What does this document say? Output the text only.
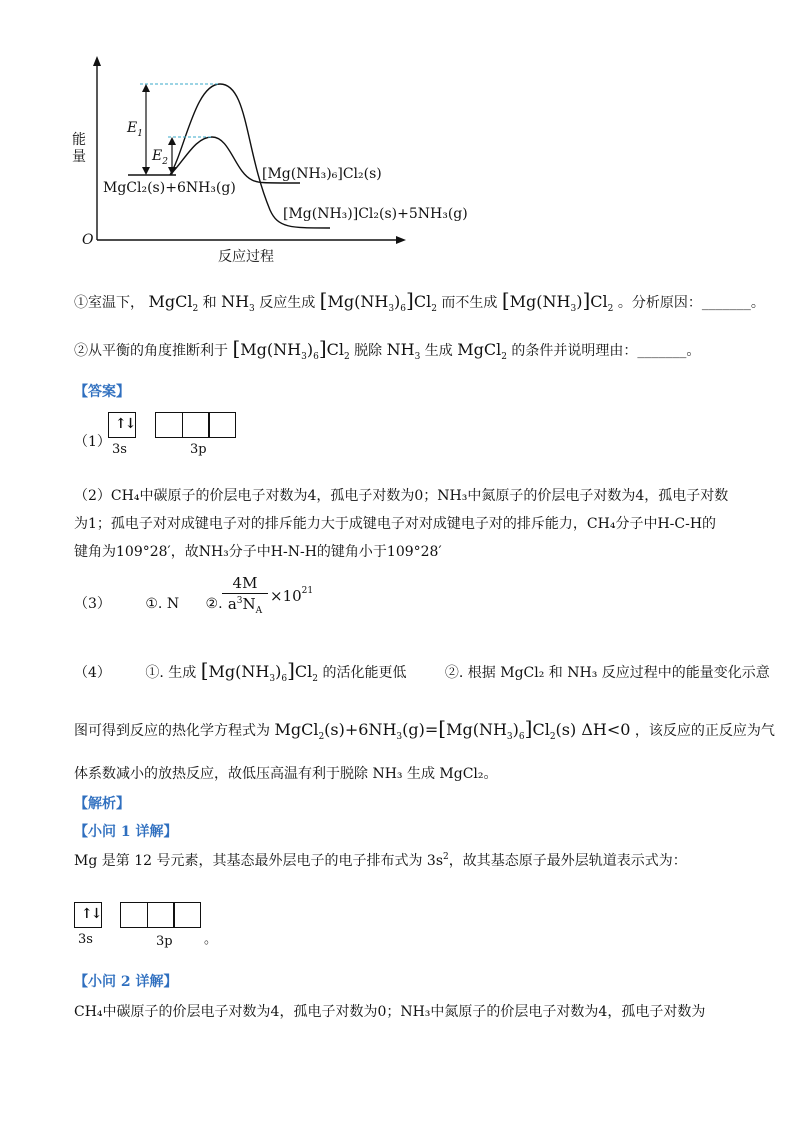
能量
O
反应过程
$E_1$
$E_2$
MgCl₂(s)+6NH₃(g)
[Mg(NH₃)₆]Cl₂(s)
[Mg(NH₃)]Cl₂(s)+5NH₃(g)
①室温下， MgCl$_2$ 和 $NH_3$ 反应生成 $[Mg(NH_3)_6]Cl_2$ 而不生成 $[Mg(NH_3)]Cl_2$ 。分析原因：_______。
②从平衡的角度推断利于 $[Mg(NH_3)_6]Cl_2$ 脱除 $NH_3$ 生成 MgCl$_2$ 的条件并说明理由：_______。
【答案】
（1）
↑↓
3s	3p
（2）CH₄中碳原子的价层电子对数为4，孤电子对数为0；NH₃中氮原子的价层电子对数为4，孤电子对数
为1；孤电子对对成键电子对的排斥能力大于成键电子对对成键电子对的排斥能力，CH₄分子中H-C-H的
键角为109°28′，故NH₃分子中H-N-H的键角小于109°28′
（3） ①. N ②.
4M
$a^3N_A$
$\times 10^{21}$
（4） ①. 生成 $[Mg(NH_3)_6]Cl_2$ 的活化能更低	②. 根据 MgCl₂ 和 NH₃ 反应过程中的能量变化示意
图可得到反应的热化学方程式为 $MgCl_2(s)+6NH_3(g)=[Mg(NH_3)_6]Cl_2(s)$ ΔH<0 ，该反应的正反应为气
体系数减小的放热反应，故低压高温有利于脱除 NH₃ 生成 MgCl₂。
【解析】
【小问 1 详解】
Mg 是第 12 号元素，其基态最外层电子的电子排布式为 $3s^2$，故其基态原子最外层轨道表示式为：
↑↓
3s	3p 。
【小问 2 详解】
CH₄中碳原子的价层电子对数为4，孤电子对数为0；NH₃中氮原子的价层电子对数为4，孤电子对数为
